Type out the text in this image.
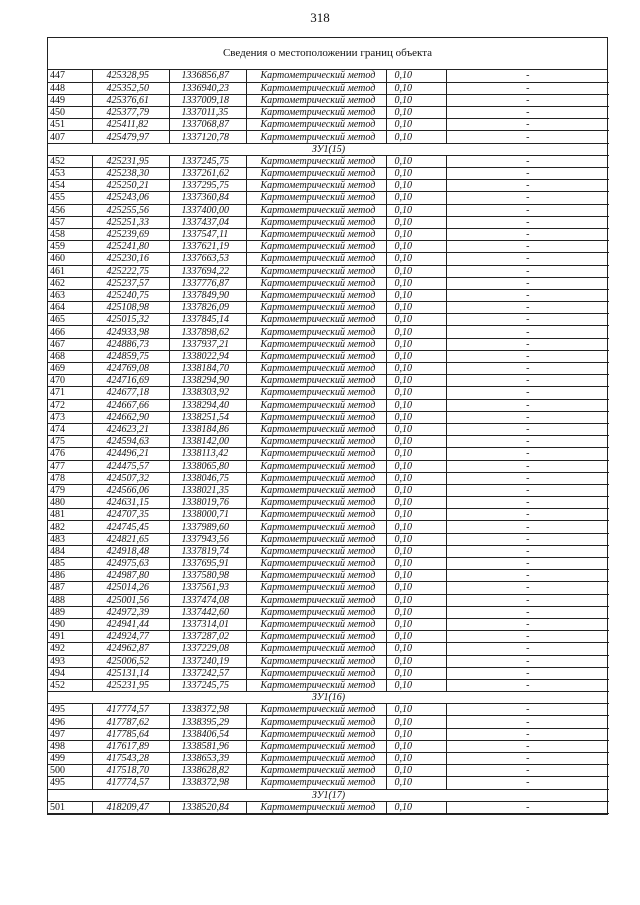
318
Сведения о местоположении границ объекта
447	425328,95	1336856,87	Картометрический метод	0,10	-
448	425352,50	1336940,23	Картометрический метод	0,10	-
449	425376,61	1337009,18	Картометрический метод	0,10	-
450	425377,79	1337011,35	Картометрический метод	0,10	-
451	425411,82	1337068,87	Картометрический метод	0,10	-
407	425479,97	1337120,78	Картометрический метод	0,10	-
ЗУ1(15)					
452	425231,95	1337245,75	Картометрический метод	0,10	-
453	425238,30	1337261,62	Картометрический метод	0,10	-
454	425250,21	1337295,75	Картометрический метод	0,10	-
455	425243,06	1337360,84	Картометрический метод	0,10	-
456	425255,56	1337400,00	Картометрический метод	0,10	-
457	425251,33	1337437,04	Картометрический метод	0,10	-
458	425239,69	1337547,11	Картометрический метод	0,10	-
459	425241,80	1337621,19	Картометрический метод	0,10	-
460	425230,16	1337663,53	Картометрический метод	0,10	-
461	425222,75	1337694,22	Картометрический метод	0,10	-
462	425237,57	1337776,87	Картометрический метод	0,10	-
463	425240,75	1337849,90	Картометрический метод	0,10	-
464	425108,98	1337826,09	Картометрический метод	0,10	-
465	425015,32	1337845,14	Картометрический метод	0,10	-
466	424933,98	1337898,62	Картометрический метод	0,10	-
467	424886,73	1337937,21	Картометрический метод	0,10	-
468	424859,75	1338022,94	Картометрический метод	0,10	-
469	424769,08	1338184,70	Картометрический метод	0,10	-
470	424716,69	1338294,90	Картометрический метод	0,10	-
471	424677,18	1338303,92	Картометрический метод	0,10	-
472	424667,66	1338294,40	Картометрический метод	0,10	-
473	424662,90	1338251,54	Картометрический метод	0,10	-
474	424623,21	1338184,86	Картометрический метод	0,10	-
475	424594,63	1338142,00	Картометрический метод	0,10	-
476	424496,21	1338113,42	Картометрический метод	0,10	-
477	424475,57	1338065,80	Картометрический метод	0,10	-
478	424507,32	1338046,75	Картометрический метод	0,10	-
479	424566,06	1338021,35	Картометрический метод	0,10	-
480	424631,15	1338019,76	Картометрический метод	0,10	-
481	424707,35	1338000,71	Картометрический метод	0,10	-
482	424745,45	1337989,60	Картометрический метод	0,10	-
483	424821,65	1337943,56	Картометрический метод	0,10	-
484	424918,48	1337819,74	Картометрический метод	0,10	-
485	424975,63	1337695,91	Картометрический метод	0,10	-
486	424987,80	1337580,98	Картометрический метод	0,10	-
487	425014,26	1337561,93	Картометрический метод	0,10	-
488	425001,56	1337474,08	Картометрический метод	0,10	-
489	424972,39	1337442,60	Картометрический метод	0,10	-
490	424941,44	1337314,01	Картометрический метод	0,10	-
491	424924,77	1337287,02	Картометрический метод	0,10	-
492	424962,87	1337229,08	Картометрический метод	0,10	-
493	425006,52	1337240,19	Картометрический метод	0,10	-
494	425131,14	1337242,57	Картометрический метод	0,10	-
452	425231,95	1337245,75	Картометрический метод	0,10	-
ЗУ1(16)					
495	417774,57	1338372,98	Картометрический метод	0,10	-
496	417787,62	1338395,29	Картометрический метод	0,10	-
497	417785,64	1338406,54	Картометрический метод	0,10	-
498	417617,89	1338581,96	Картометрический метод	0,10	-
499	417543,28	1338653,39	Картометрический метод	0,10	-
500	417518,70	1338628,82	Картометрический метод	0,10	-
495	417774,57	1338372,98	Картометрический метод	0,10	-
ЗУ1(17)					
501	418209,47	1338520,84	Картометрический метод	0,10	-
